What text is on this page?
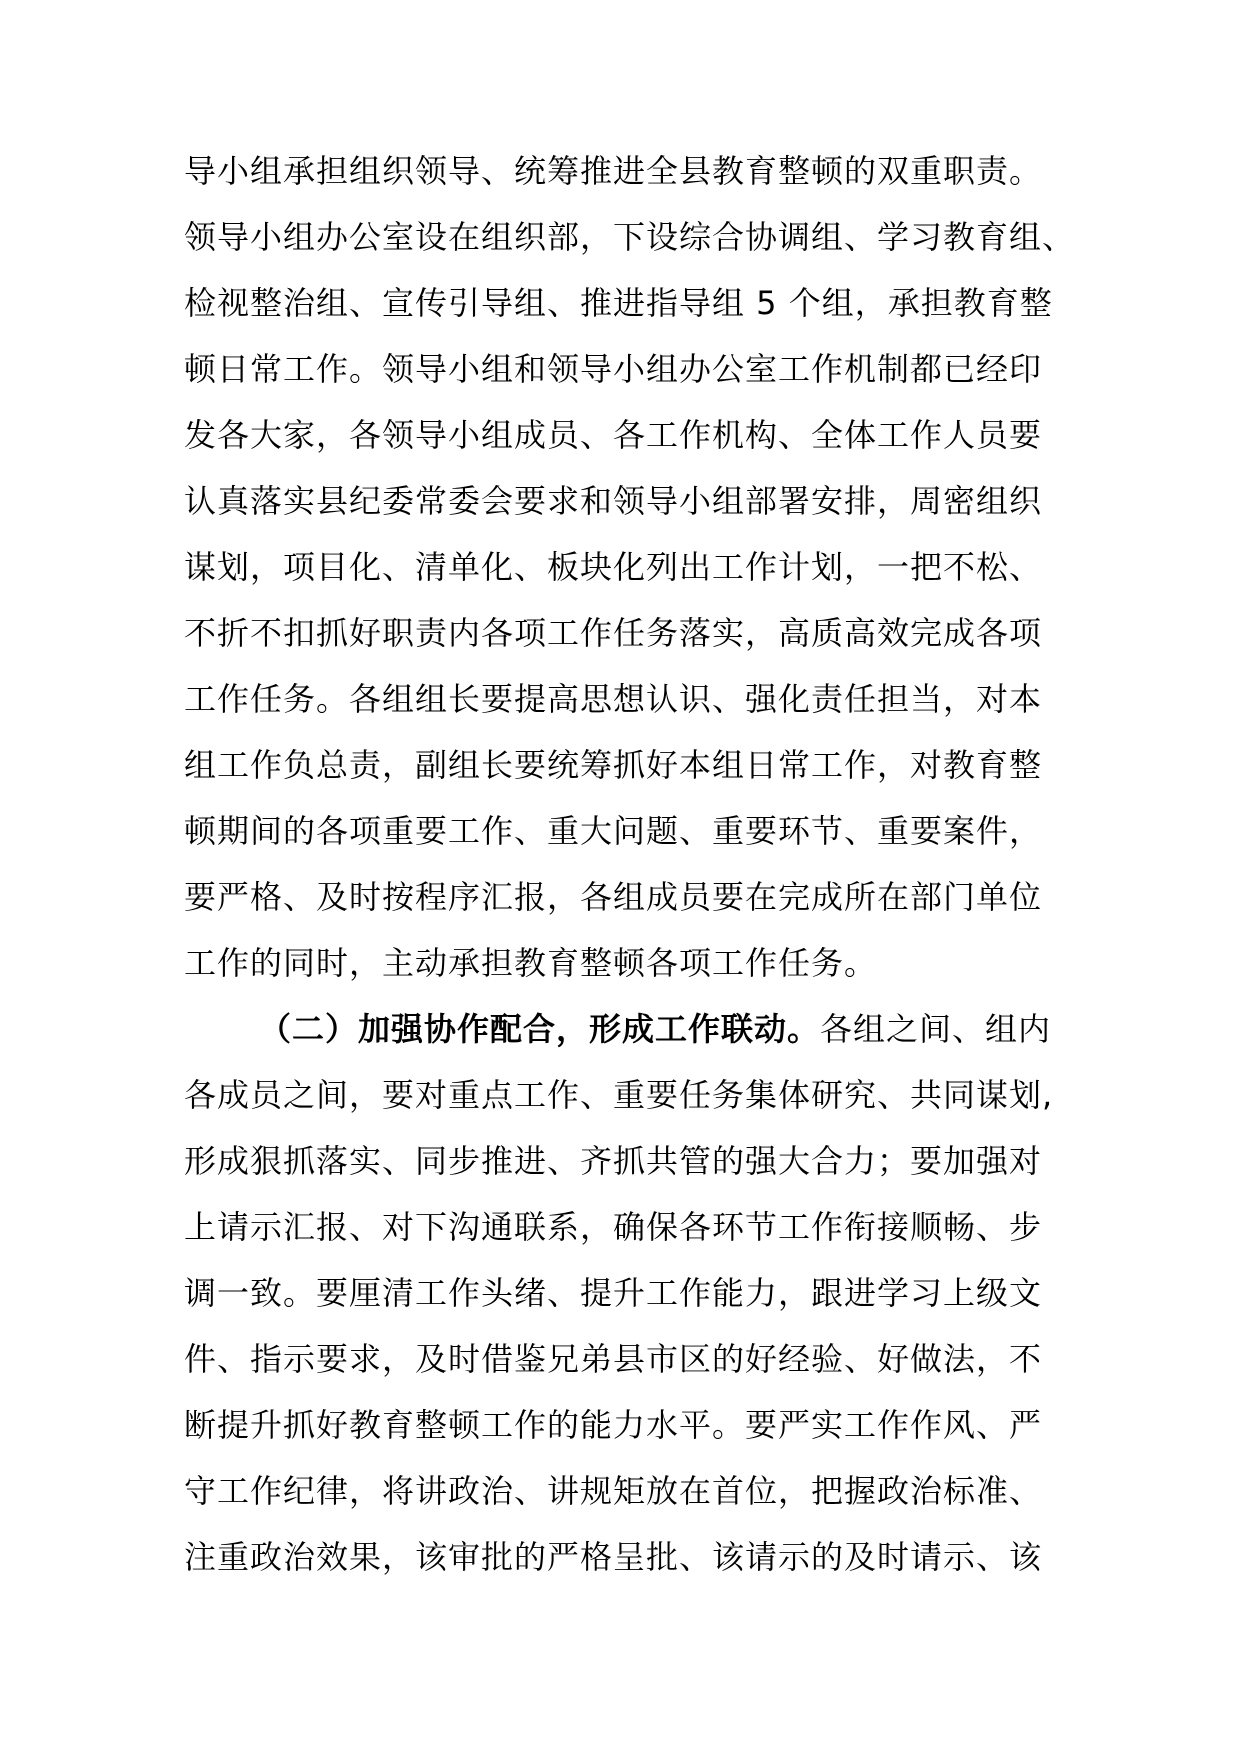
导小组承担组织领导、统筹推进全县教育整顿的双重职责。
领导小组办公室设在组织部，下设综合协调组、学习教育组、
检视整治组、宣传引导组、推进指导组 5 个组，承担教育整
顿日常工作。领导小组和领导小组办公室工作机制都已经印
发各大家，各领导小组成员、各工作机构、全体工作人员要
认真落实县纪委常委会要求和领导小组部署安排，周密组织
谋划，项目化、清单化、板块化列出工作计划，一把不松、
不折不扣抓好职责内各项工作任务落实，高质高效完成各项
工作任务。各组组长要提高思想认识、强化责任担当，对本
组工作负总责，副组长要统筹抓好本组日常工作，对教育整
顿期间的各项重要工作、重大问题、重要环节、重要案件，
要严格、及时按程序汇报，各组成员要在完成所在部门单位
工作的同时，主动承担教育整顿各项工作任务。
（二）加强协作配合，形成工作联动。各组之间、组内
各成员之间，要对重点工作、重要任务集体研究、共同谋划,
形成狠抓落实、同步推进、齐抓共管的强大合力；要加强对
上请示汇报、对下沟通联系，确保各环节工作衔接顺畅、步
调一致。要厘清工作头绪、提升工作能力，跟进学习上级文
件、指示要求，及时借鉴兄弟县市区的好经验、好做法，不
断提升抓好教育整顿工作的能力水平。要严实工作作风、严
守工作纪律，将讲政治、讲规矩放在首位，把握政治标准、
注重政治效果，该审批的严格呈批、该请示的及时请示、该
